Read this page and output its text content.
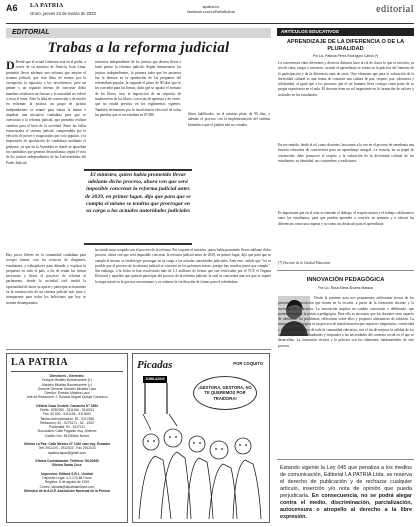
A6 LA PATRIA
Oruro, jueves 23 de marzo de 2023
lapatria.bo
facebook.com/LaPatriaBolivia	editorial
EDITORIAL
Trabas a la reforma judicial
D Desde que el actual Gobierno está en el poder, a través de su ministro de Justicia, Iván Lima, prometió llevar adelante una reforma que mejore el sistema judicial, que está lleno de manos por la corrupción, la injusticia y los favoritismos, pero un primer y un segundo intento de concretar dicho mandato resultaron un fracaso y la autoridad no volvió a tocar el tema. Ante la falta de concreción y de interés en reformar: la justicia, un grupo de juristas independientes se reunió para tomar la batuta e impulsar una iniciativa ciudadana para que se convocara a la reforma judicial, que prometía realizar cambios para el bien de la sociedad. Entre las fallas estructurales el sistema judicial, comprendido por la elección de jueces y magistrados por voto popular, y la imposición de aprobación de candidatos mediante el gobierno, ya que en la Asamblea es donde se aprueban los candidatos que generan desconfianza, según el voto de los juristas independientes de las Universidades del Poder Judicial.
Hay pocos líderes en la comunidad ciudadana para recoger firmas, con los recursos de dirigentes, estudiantes, y trabajadores para difundir y explicar la propuesta en todo el país, a fin de reunir las firmas necesarias y llevar el proyecto de reforma al parlamento, donde la sociedad civil tendrá la oportunidad de hacer su aporte y participar activamente en la construcción de un sistema judicial más justo y transparente para todos los bolivianos que hoy se sienten desamparados.
iniciativa independiente de los juristas que deseen llevar a buen puerto la reforma judicial. Según denunciaron los juristas independientes, la primera traba que les pusieron fue la demora en la aprobación de las preguntas del referéndum popular, la segunda el plazo de 90 días que se les concedió para las firmas, dado que se aprobó el formato de los libros; otra, la imposición de un requisito de notarización de los libros, con actas de apertura y de cierre, que no estaba previsto en los reglamentos vigentes. También reclamaron por la insuficiencia electoral de todas las partidas que se necesitaban en 87.000	libros habilitados, en el mínimo plazo de 90 días, y además el proceso con la implementación del sistema biométrico que el padrón aún no contaba.
El ministro, quien había prometido llevar adelante dicho proceso, ahora ven que será imposible concretar la reforma judicial antes de 2029, en primer lugar, dijo que para que se cumpla el mismo se tendría que prorrogar en su cargo a las actuales autoridades judiciales
ha estado muy ocupado con el proceso de la reforma. Por su parte el ministro, quien había prometido llevar adelante dicho proceso, ahora ven que será imposible concretar la reforma judicial antes de 2029, en primer lugar, dijo que para que se cumpla el mismo se tendría que prorrogar en su cargo a las actuales autoridades judiciales. Ante esto, señaló que "no es posible que el proceso de la reforma judicial se concrete en los próximos meses, porque hay muchos pasos que cumplir". Sin embargo, a la fecha se han recolectado más de 1,3 millones de firmas que son verificadas por el TCP, el Órgano Electoral y aquellos que quieran participar del proceso de la reforma judicial, la cual se concretará una vez que se supere la etapa actual en la que nos encontramos y se culmine la verificación de firmas para el referéndum.
LA PATRIA
Directores - Gerentes:
Enrique Miralles Bonnecarrère (†)
Marcelo Miralles Bonnecarrère (†)
Gerente General: Marcelo Miralles Lazo
Director: Ernesto Miralles Lazo
Jefe de Redacción: J. Rosario Miguel Quispe Condarco

Oficina Casa Central: Camacho N° 1892
Teléfs.: 5250780 - 5111166 - 5118211
Fax: 52 500 - 5111166 - 5113000
Telefax Administración: 52 - 5117388
Redacción: 52 - 5275171 - 52 - 1003
Publicidad: 52 - 5117211
Sucursales: Calle Pagador esq. Jiménez
Casilla: Nro. 48 Edificio Nuevo

Oficina La Paz: Calle México N° 1420 casi esq. Ecuador
Telf. 2911100 - 2912023 - Fax 2912023
lapatria.lapaz@gmail.com

Oficina Cochabamba: Teléfono 76130490
Oficina Santa Cruz:

Impresión: Editora S.R.L. Unidad
Depósito Legal: 4-3-170-88 Oruro
Registro: 8 de agosto de 1919
Correo: lapatria@lapatriaenlinea.com
Miembro de la A.N.P. Asociación Nacional de la Prensa
Picadas	POR COQUITO
JUBILADOS
¡GESTORA, GESTORA, NO TE QUEREMOS POR TRAIDORA!
ARTÍCULOS EDUCATIVOS
APRENDIZAJE DE LA DIFERENCIA O DE LA PLURALIDAD
Por Lic. Patricia Pérez Rodríguez Carlos (*)
La convivencia entre diferentes y diversos distintos hace al rol de clases lo que se necesita, ya sea de clase, rasgos o intereses, cuando el aprendizaje se centra en la práctica del fomento de la participación y de la diferencia unas de otras. Otro elemento que para la valoración de la diversidad cultural es una forma de construir una cultura de paz, respeto, paz, tolerancia y solidaridad, al igual que a los procesos que el ser humano lleva consigo como parte de su propia experiencia en el aula. El docente tiene un rol importante en la formación de valores y actitudes en los estudiantes.
En ese sentido, desde el rol como docentes, buscamos a la vez en el proceso de enseñanza una función educativa de convivencia para un aprendizaje integral. La escuela, en su papel de orientación, debe promover el respeto y la valoración de la diversidad cultural de los estudiantes, su identidad, sus costumbres y tradiciones.
Es importante que en el aula se fomente el diálogo, el respeto mutuo y el trabajo colaborativo entre los estudiantes, para que puedan aprender a convivir en armonía y a valorar las diferencias como una riqueza y no como un obstáculo para el aprendizaje.
(*) Docente de la Unidad Educativa
INNOVACIÓN PEDAGÓGICA
Por Lic. Rosa Elena Álvarez Maraza
Desde la presente nota nos proponemos reflexionar acerca de los procesos de innovación que tienen en la escuela, a partir de la formación docente y la investigación educativa. La innovación implica un cambio consciente y deliberado, que pretende mejorar la práctica pedagógica. Para ello es necesario que los docentes sean capaces de identificar los problemas, reflexionar sobre ellos y proponer alternativas de solución. La innovación pedagógica es un proceso de transformación que requiere compromiso, creatividad y trabajo colaborativo de toda la comunidad educativa, con el fin de mejorar la calidad de los aprendizajes de los estudiantes y responder a las necesidades del contexto social en el que se desarrollan. La formación técnica y la práctica son los elementos fundamentales de este proceso.
Estando vigente la Ley 045 que penaliza a los medios de comunicación, Editorial LA PATRIA Ltda. se reserva el derecho de publicación y de rechazar cualquier artículo, inserción y/o nota de opinión que pueda perjudicarla. En consecuencia, no se podrá alegar contra el medio, discriminación, parcialización, autocensura o atropello al derecho a la libre expresión.
